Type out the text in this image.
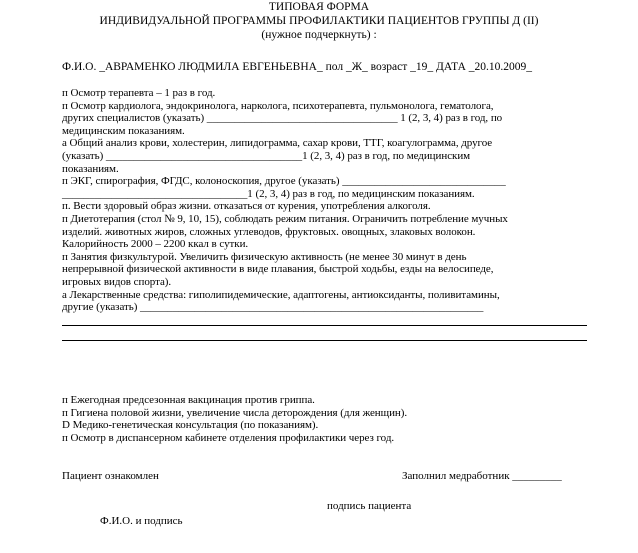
ТИПОВАЯ ФОРМА
ИНДИВИДУАЛЬНОЙ ПРОГРАММЫ ПРОФИЛАКТИКИ ПАЦИЕНТОВ ГРУППЫ Д (II)
(нужное подчеркнуть) :
Ф.И.О. _АВРАМЕНКО ЛЮДМИЛА ЕВГЕНЬЕВНА_ пол _Ж_ возраст _19_ ДАТА _20.10.2009_
п Осмотр терапевта – 1 раз в год.
п Осмотр кардиолога, эндокринолога, нарколога, психотерапевта, пульмонолога, гематолога,
других специалистов (указать) ___________________________________ 1 (2, 3, 4) раз в год, по
медицинским показаниям.
а Общий анализ крови, холестерин, липидограмма, сахар крови, ТТГ, коагулограмма, другое
(указать) ____________________________________1 (2, 3, 4) раз в год, по медицинским
показаниям.
п ЭКГ, спирография, ФГДС, колоноскопия, другое (указать) ______________________________
__________________________________1 (2, 3, 4) раз в год, по медицинским показаниям.
п. Вести здоровый образ жизни. отказаться от курения, употребления алкоголя.
п Диетотерапия (стол № 9, 10, 15), соблюдать режим питания. Ограничить потребление мучных
изделий. животных жиров, сложных углеводов, фруктовых. овощных, злаковых волокон.
Калорийность 2000 – 2200 ккал в сутки.
п Занятия физкультурой. Увеличить физическую активность (не менее 30 минут в день
непрерывной физической активности в виде плавания, быстрой ходьбы, езды на велосипеде,
игровых видов спорта).
а Лекарственные средства: гиполипидемические, адаптогены, антиоксиданты, поливитамины,
другие (указать) _______________________________________________________________
п Ежегодная предсезонная вакцинация против гриппа.
п Гигиена половой жизни, увеличение числа деторождения (для женщин).
D Медико-генетическая консультация (по показаниям).
п Осмотр в диспансерном кабинете отделения профилактики через год.
Пациент ознакомлен	Заполнил медработник _________
подпись пациента
Ф.И.О. и подпись
